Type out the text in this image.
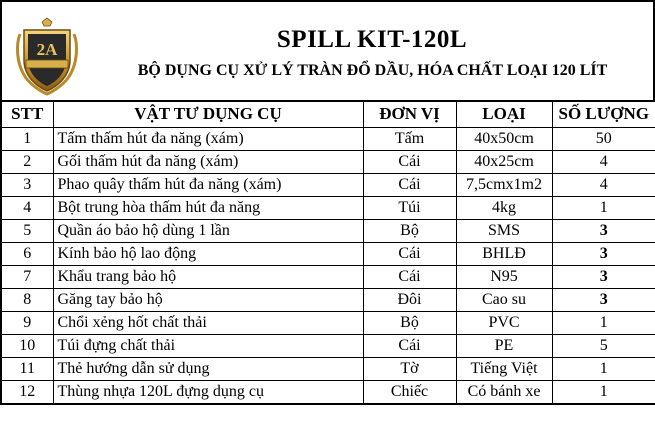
2A	SPILL KIT-120L
BỘ DỤNG CỤ XỬ LÝ TRÀN ĐỔ DẦU, HÓA CHẤT LOẠI 120 LÍT
STT	VẬT TƯ DỤNG CỤ	ĐƠN VỊ	LOẠI	SỐ LƯỢNG
1	Tấm thấm hút đa năng (xám)	Tấm	40x50cm	50
2	Gối thấm hút đa năng (xám)	Cái	40x25cm	4
3	Phao quây thấm hút đa năng (xám)	Cái	7,5cmx1m2	4
4	Bột trung hòa thấm hút đa năng	Túi	4kg	1
5	Quần áo bảo hộ dùng 1 lần	Bộ	SMS	3
6	Kính bảo hộ lao động	Cái	BHLĐ	3
7	Khẩu trang bảo hộ	Cái	N95	3
8	Găng tay bảo hộ	Đôi	Cao su	3
9	Chổi xẻng hốt chất thải	Bộ	PVC	1
10	Túi đựng chất thải	Cái	PE	5
11	Thẻ hướng dẫn sử dụng	Tờ	Tiếng Việt	1
12	Thùng nhựa 120L đựng dụng cụ	Chiếc	Có bánh xe	1
